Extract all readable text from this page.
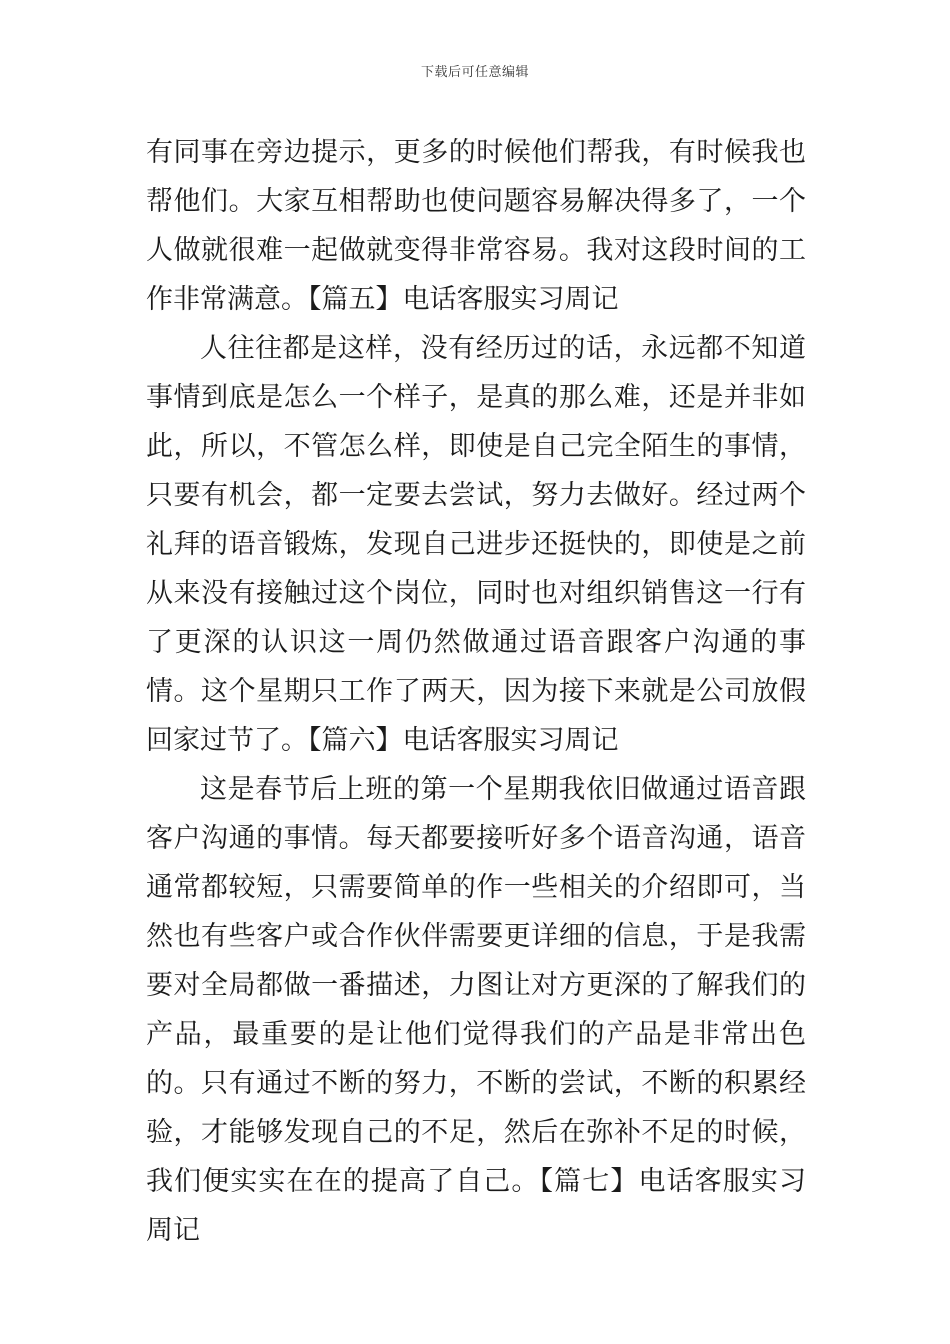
下载后可任意编辑

有同事在旁边提示，更多的时候他们帮我，有时候我也帮他们。大家互相帮助也使问题容易解决得多了，一个人做就很难一起做就变得非常容易。我对这段时间的工作非常满意。【篇五】电话客服实习周记

人往往都是这样，没有经历过的话，永远都不知道事情到底是怎么一个样子，是真的那么难，还是并非如此，所以，不管怎么样，即使是自己完全陌生的事情，只要有机会，都一定要去尝试，努力去做好。经过两个礼拜的语音锻炼，发现自己进步还挺快的，即使是之前从来没有接触过这个岗位，同时也对组织销售这一行有了更深的认识这一周仍然做通过语音跟客户沟通的事情。这个星期只工作了两天，因为接下来就是公司放假回家过节了。【篇六】电话客服实习周记

这是春节后上班的第一个星期我依旧做通过语音跟客户沟通的事情。每天都要接听好多个语音沟通，语音通常都较短，只需要简单的作一些相关的介绍即可，当然也有些客户或合作伙伴需要更详细的信息，于是我需要对全局都做一番描述，力图让对方更深的了解我们的产品，最重要的是让他们觉得我们的产品是非常出色的。只有通过不断的努力，不断的尝试，不断的积累经验，才能够发现自己的不足，然后在弥补不足的时候，我们便实实在在的提高了自己。【篇七】电话客服实习周记
